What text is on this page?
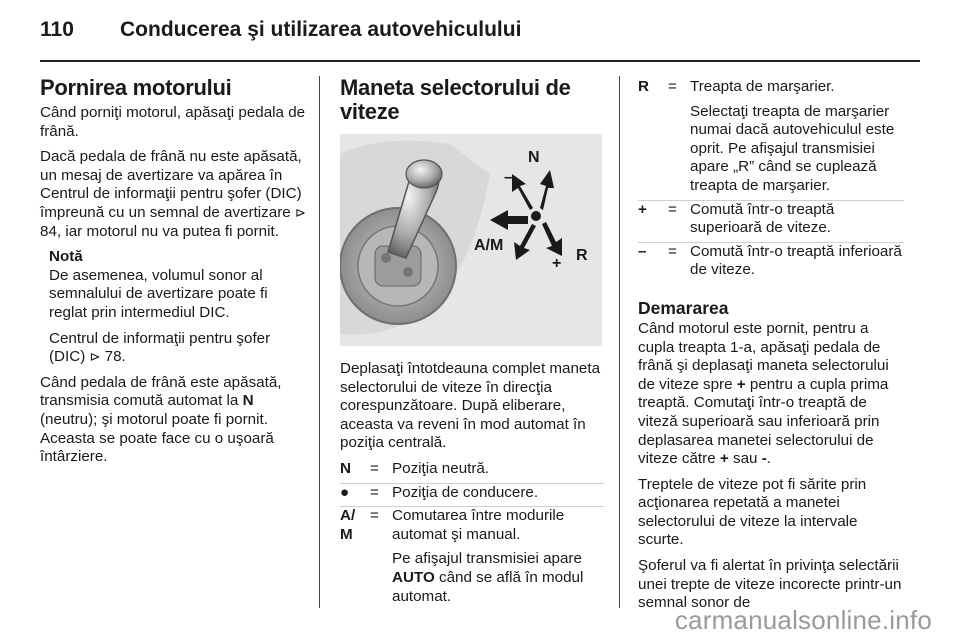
110 Conducerea şi utilizarea autovehiculului
Pornirea motorului

Când porniţi motorul, apăsaţi pedala de frână.

Dacă pedala de frână nu este apăsată, un mesaj de avertizare va apărea în Centrul de informaţii pentru şofer (DIC) împreună cu un semnal de avertizare ⊳ 84, iar motorul nu va putea fi pornit.

Notă

De asemenea, volumul sonor al semnalului de avertizare poate fi reglat prin intermediul DIC.

Centrul de informaţii pentru şofer (DIC) ⊳ 78.

Când pedala de frână este apăsată, transmisia comută automat la N (neutru); şi motorul poate fi pornit. Aceasta se poate face cu o uşoară întârziere.

Maneta selectorului de viteze
N
–
A/M
+ R

Deplasaţi întotdeauna complet maneta selectorului de viteze în direcţia corespunzătoare. După eliberare, aceasta va reveni în mod automat în poziţia centrală.

N	=	Poziţia neutră.
●	=	Poziţia de conducere.
A/
M	=	Comutarea între modurile automat şi manual.
Pe afişajul transmisiei apare AUTO când se află în modul automat.
R	=	Treapta de marşarier.
Selectaţi treapta de marşarier numai dacă autovehiculul este oprit. Pe afişajul transmisiei apare „R” când se cuplează treapta de marşarier.

+	=	Comută într-o treaptă superioară de viteze.
–	=	Comută într-o treaptă inferioară de viteze.
Demararea

Când motorul este pornit, pentru a cupla treapta 1-a, apăsaţi pedala de frână şi deplasaţi maneta selectorului de viteze spre + pentru a cupla prima treaptă. Comutaţi într-o treaptă de viteză superioară sau inferioară prin deplasarea manetei selectorului de viteze către + sau -.

Treptele de viteze pot fi sărite prin acţionarea repetată a manetei selectorului de viteze la intervale scurte.

Şoferul va fi alertat în privinţa selectării unei trepte de viteze incorecte printr-un semnal sonor de

carmanualsonline.info
